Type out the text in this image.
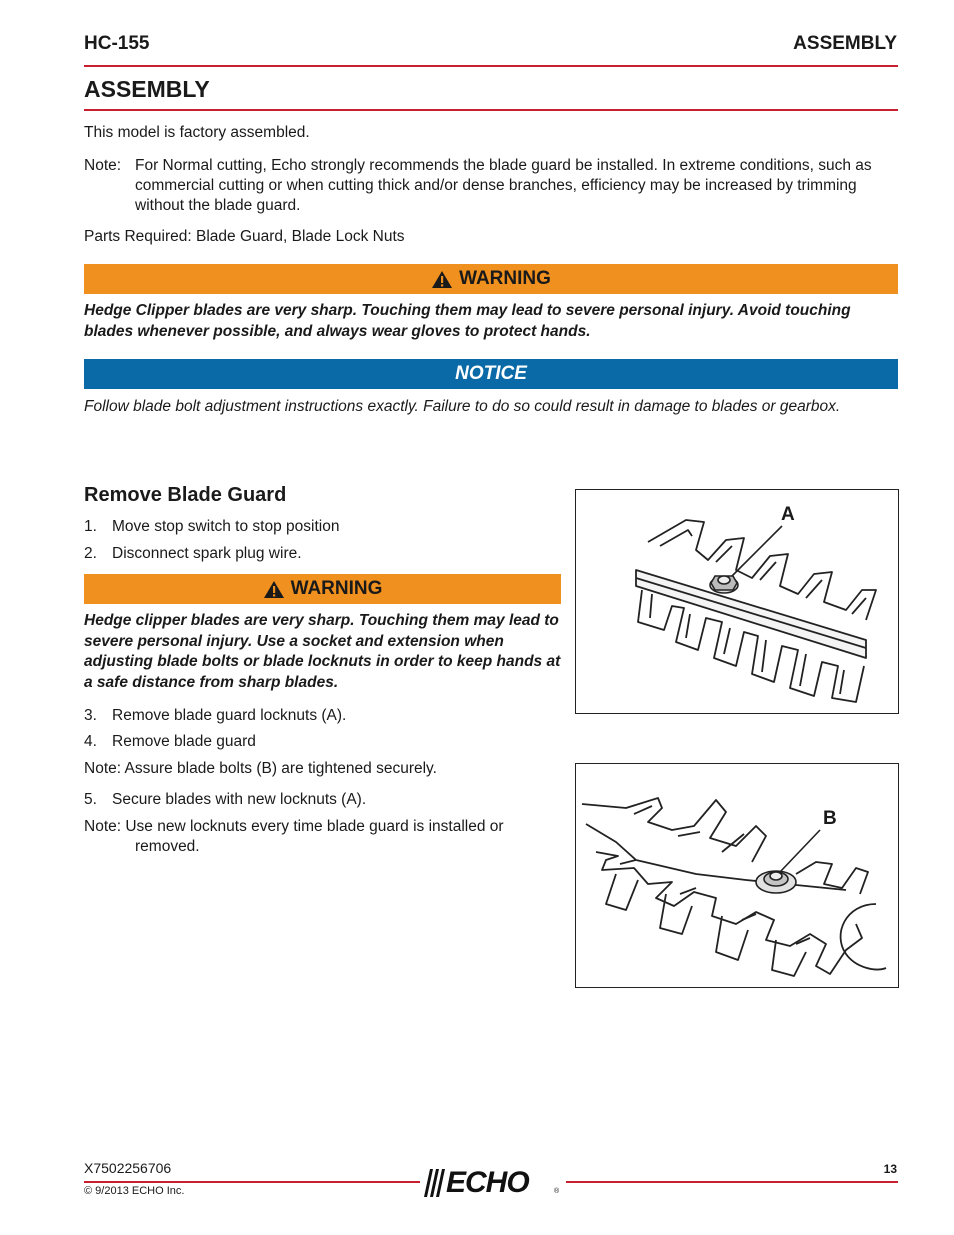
HC-155	ASSEMBLY
ASSEMBLY
This model is factory assembled.
Note: For Normal cutting, Echo strongly recommends the blade guard be installed. In extreme conditions, such as commercial cutting or when cutting thick and/or dense branches, efficiency may be increased by trimming without the blade guard.
Parts Required: Blade Guard, Blade Lock Nuts
WARNING
Hedge Clipper blades are very sharp. Touching them may lead to severe personal injury. Avoid touching blades whenever possible, and always wear gloves to protect hands.
NOTICE
Follow blade bolt adjustment instructions exactly. Failure to do so could result in damage to blades or gearbox.
Remove Blade Guard
1. Move stop switch to stop position
2. Disconnect spark plug wire.
WARNING
Hedge clipper blades are very sharp. Touching them may lead to severe personal injury. Use a socket and extension when adjusting blade bolts or blade locknuts in order to keep hands at a safe distance from sharp blades.
3. Remove blade guard locknuts (A).
4. Remove blade guard
Note: Assure blade bolts (B) are tightened securely.
5. Secure blades with new locknuts (A).
Note: Use new locknuts every time blade guard is installed or
removed.
A
B
X7502256706
© 9/2013 ECHO Inc.
13
ECHO	®
